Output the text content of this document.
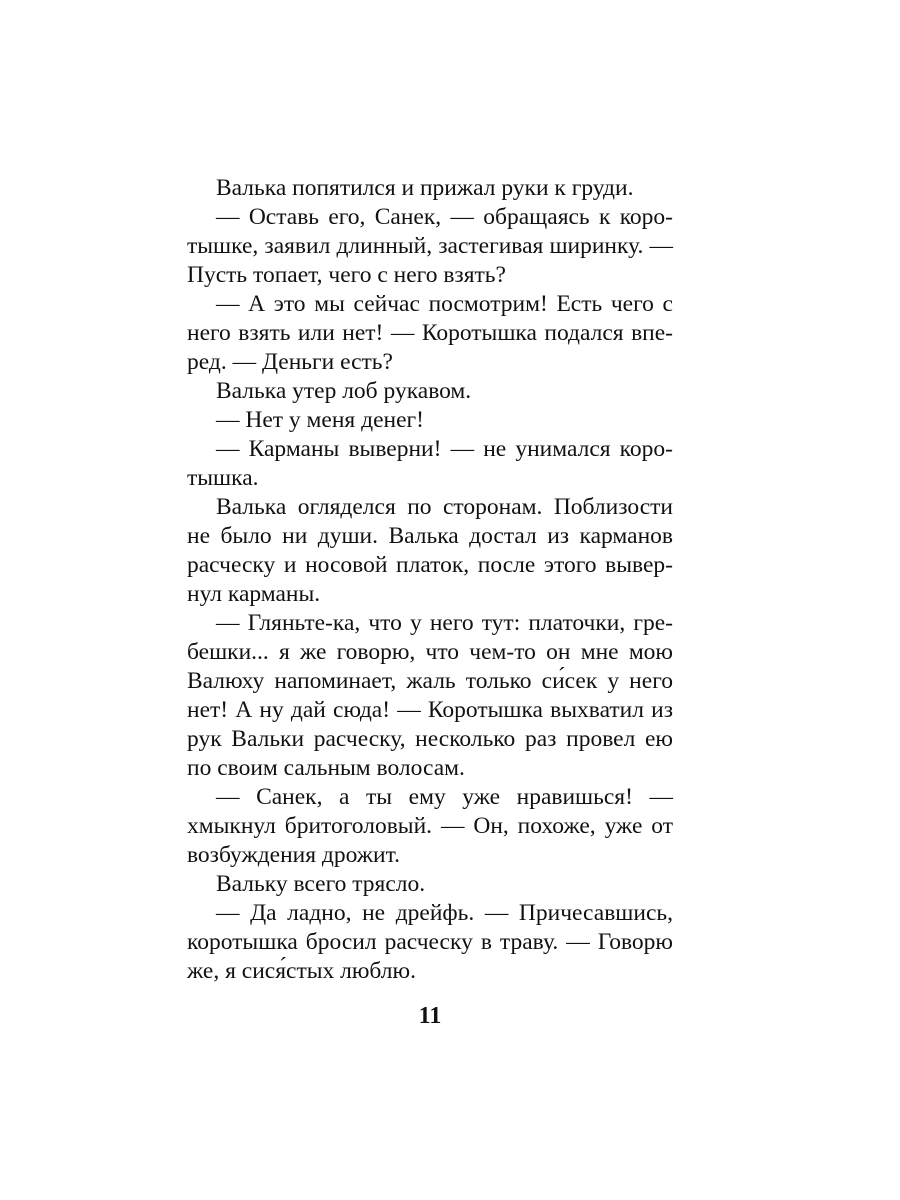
Валька попятился и прижал руки к груди.
— Оставь его, Санек, — обращаясь к коро-
тышке, заявил длинный, застегивая ширинку. —
Пусть топает, чего с него взять?
— А это мы сейчас посмотрим! Есть чего с
него взять или нет! — Коротышка подался впе-
ред. — Деньги есть?
Валька утер лоб рукавом.
— Нет у меня денег!
— Карманы выверни! — не унимался коро-
тышка.
Валька огляделся по сторонам. Поблизости
не было ни души. Валька достал из карманов
расческу и носовой платок, после этого вывер-
нул карманы.
— Гляньте-ка, что у него тут: платочки, гре-
бешки... я же говорю, что чем-то он мне мою
Валюху напоминает, жаль только си́сек у него
нет! А ну дай сюда! — Коротышка выхватил из
рук Вальки расческу, несколько раз провел ею
по своим сальным волосам.
— Санек, а ты ему уже нравишься! —
хмыкнул бритоголовый. — Он, похоже, уже от
возбуждения дрожит.
Вальку всего трясло.
— Да ладно, не дрейфь. — Причесавшись,
коротышка бросил расческу в траву. — Говорю
же, я сися́стых люблю.
11
